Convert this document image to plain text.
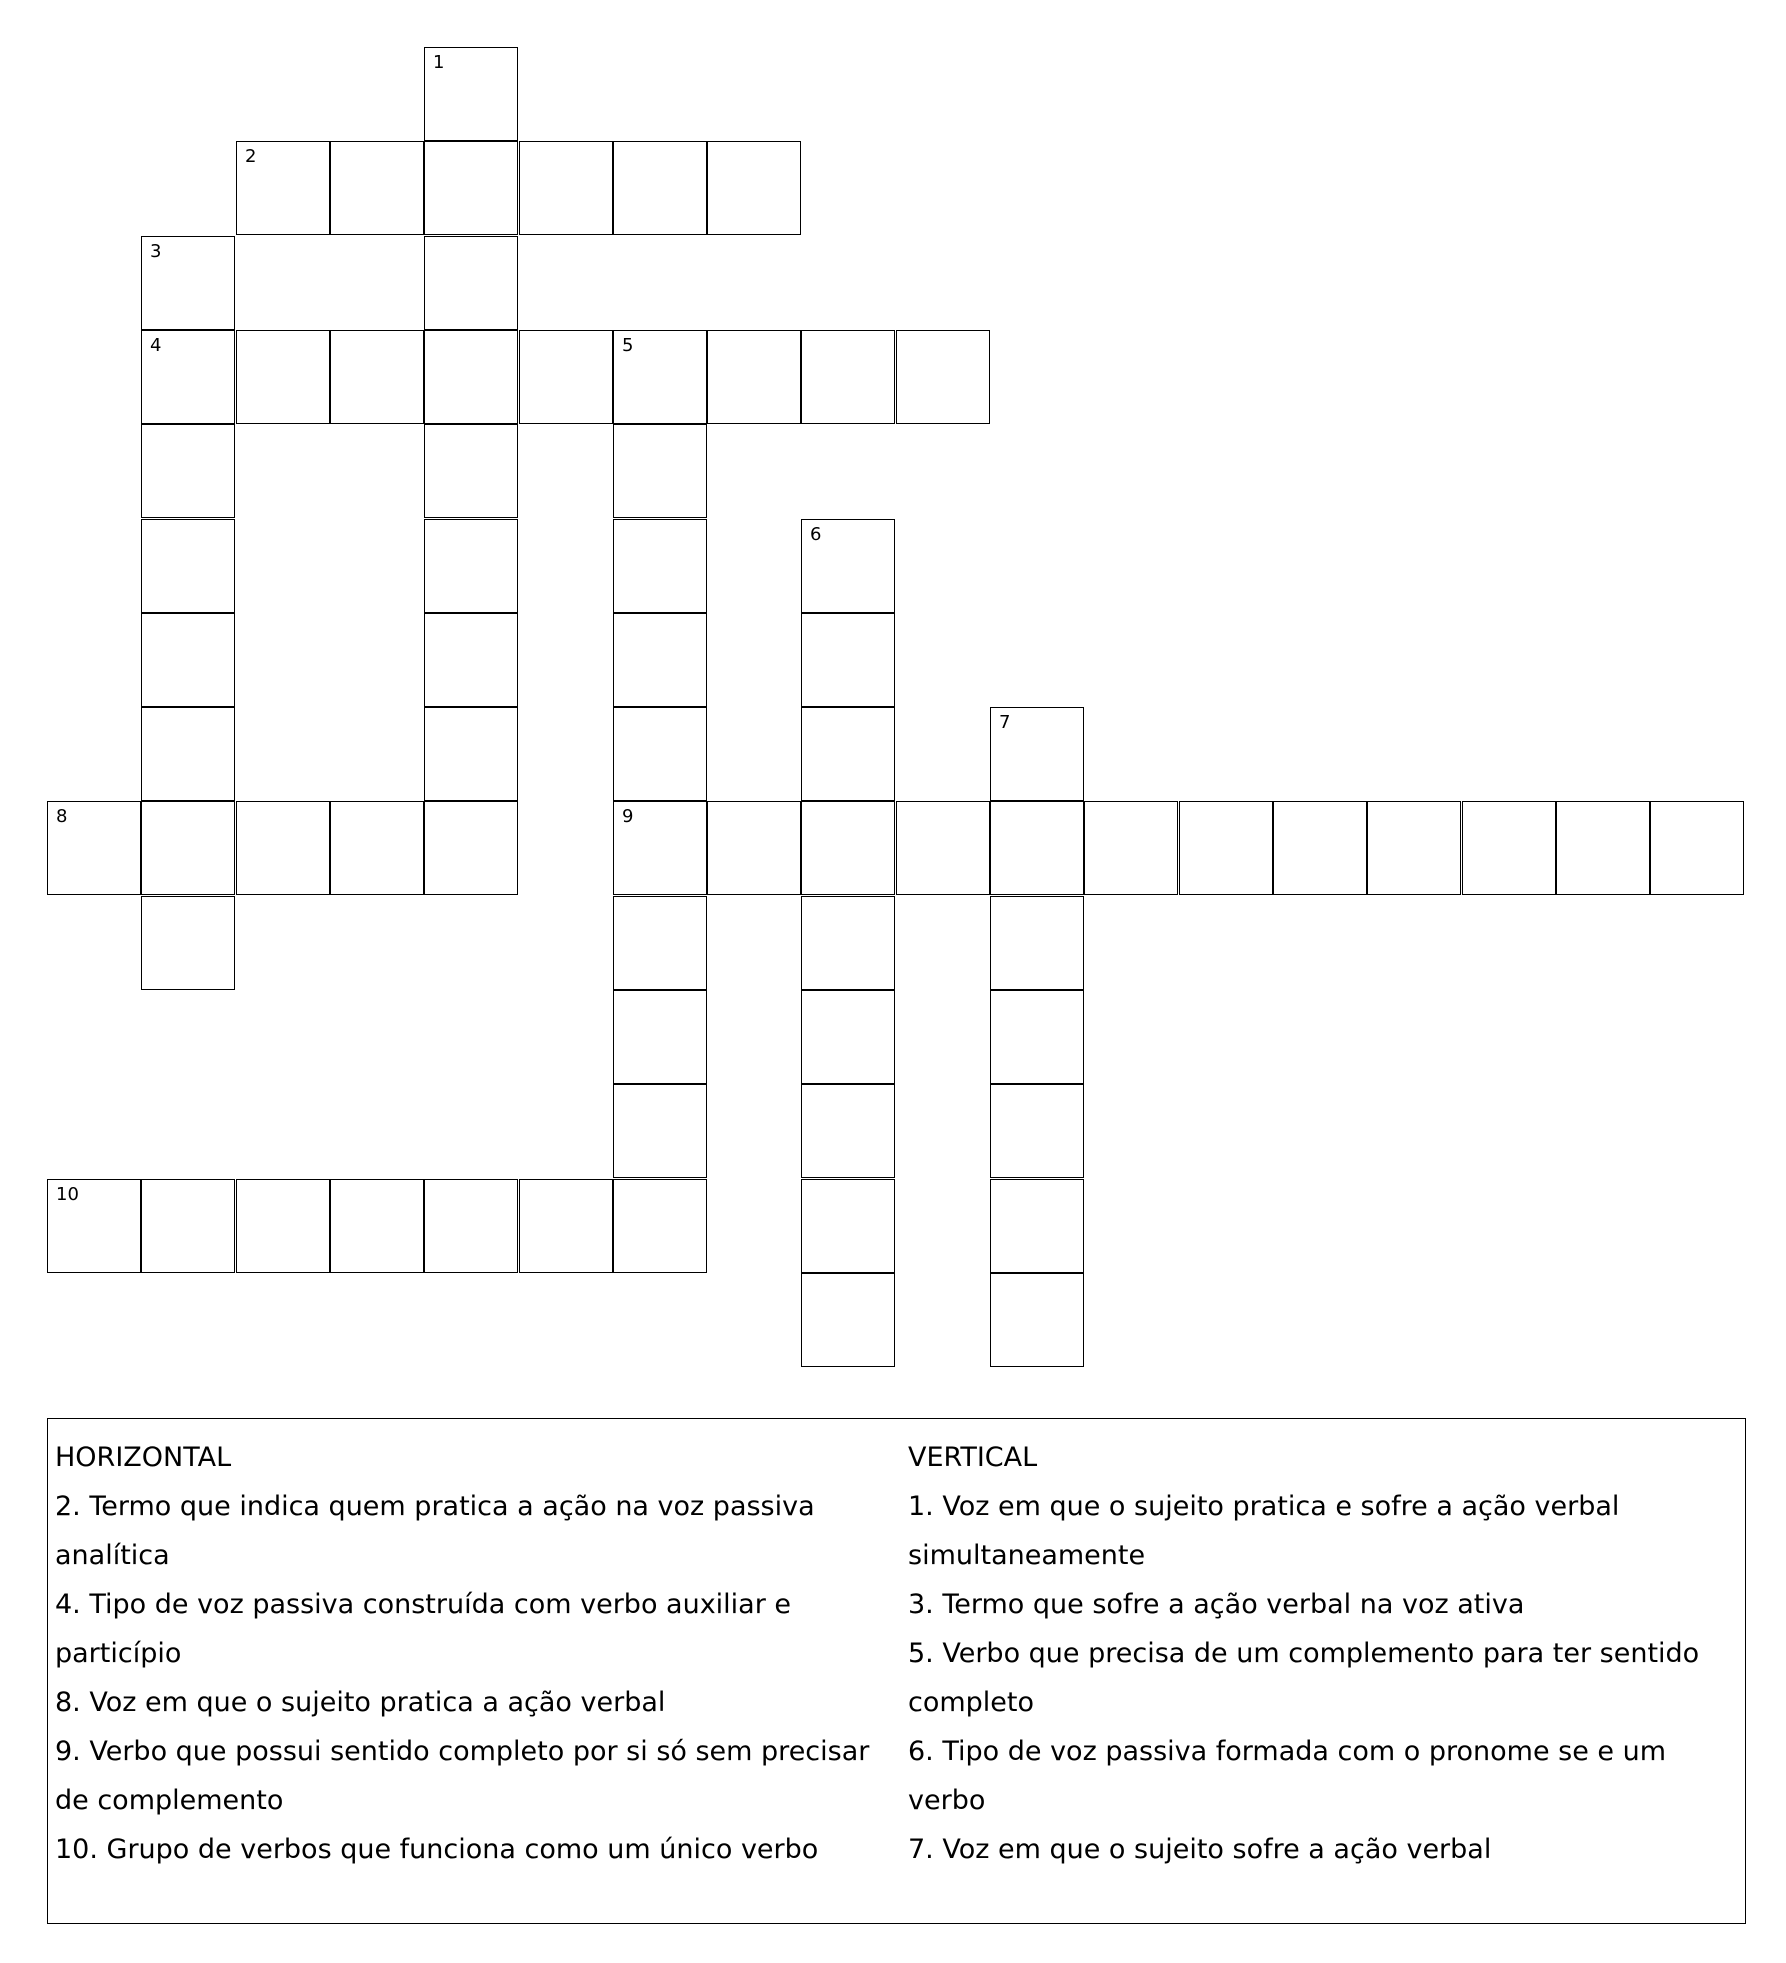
1
2
3
4	5
6
7
8	9
10
HORIZONTAL
2. Termo que indica quem pratica a ação na voz passiva analítica
4. Tipo de voz passiva construída com verbo auxiliar e particípio
8. Voz em que o sujeito pratica a ação verbal
9. Verbo que possui sentido completo por si só sem precisar de complemento
10. Grupo de verbos que funciona como um único verbo
VERTICAL
1. Voz em que o sujeito pratica e sofre a ação verbal simultaneamente
3. Termo que sofre a ação verbal na voz ativa
5. Verbo que precisa de um complemento para ter sentido completo
6. Tipo de voz passiva formada com o pronome se e um verbo
7. Voz em que o sujeito sofre a ação verbal
